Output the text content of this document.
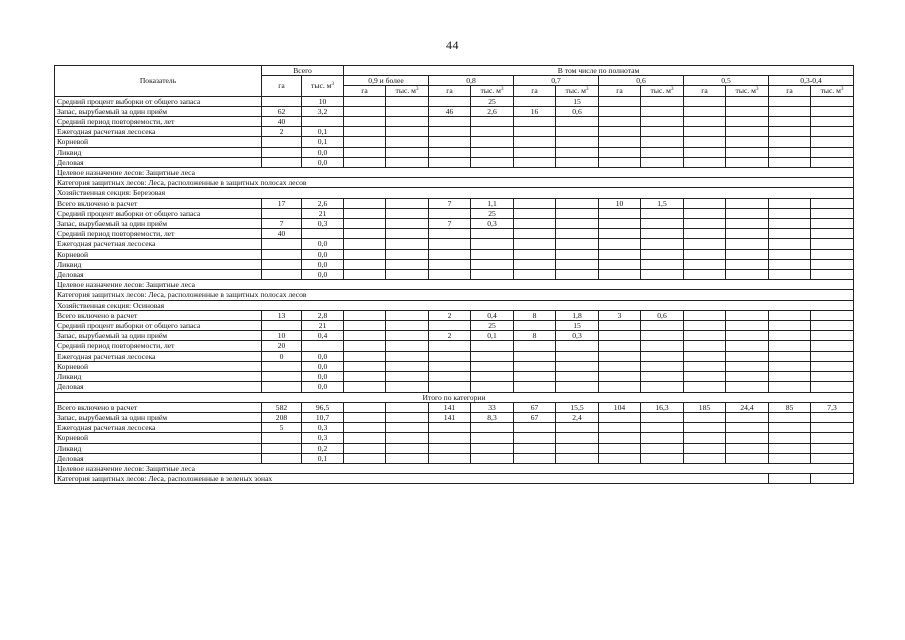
44
Показатель	Всего		В том числе по полнотам											
	га	тыс. $м^3$	0,9 и более		0,8		0,7		0,6		0,5		0,3-0,4	
			га	тыс. $м^3$	га	тыс. $м^3$	га	тыс. $м^3$	га	тыс. $м^3$	га	тыс. $м^3$	га	тыс. $м^3$
Средний процент выборки от общего запаса		10				25		15						
Запас, вырубаемый за один приём	62	3,2			46	2,6	16	0,6						
Средний период повторяемости, лет	40													
Ежегодная расчетная лесосека	2	0,1												
Корневой		0,1												
Ликвид		0,0												
Деловая		0,0												
Целевое назначение лесов: Защитные леса														
Категория защитных лесов: Леса, расположенные в защитных полосах лесов														
Хозяйственная секция: Березовая														
Всего включено в расчет	17	2,6			7	1,1			10	1,5				
Средний процент выборки от общего запаса		21				25								
Запас, вырубаемый за один приём	7	0,3			7	0,3								
Средний период повторяемости, лет	40													
Ежегодная расчетная лесосека		0,0												
Корневой		0,0												
Ликвид		0,0												
Деловая		0,0												
Целевое назначение лесов: Защитные леса														
Категория защитных лесов: Леса, расположенные в защитных полосах лесов														
Хозяйственная секция: Осиновая														
Всего включено в расчет	13	2,8			2	0,4	8	1,8	3	0,6				
Средний процент выборки от общего запаса		21				25		15						
Запас, вырубаемый за один приём	10	0,4			2	0,1	8	0,3						
Средний период повторяемости, лет	20													
Ежегодная расчетная лесосека	0	0,0												
Корневой		0,0												
Ликвид		0,0												
Деловая		0,0												
Итого по категории														
Всего включено в расчет	582	96,5			141	33	67	15,5	104	16,3	185	24,4	85	7,3
Запас, вырубаемый за один приём	208	10,7			141	8,3	67	2,4						
Ежегодная расчетная лесосека	5	0,3												
Корневой		0,3												
Ликвид		0,2												
Деловая		0,1												
Целевое назначение лесов: Защитные леса														
Категория защитных лесов: Леса, расположенные в зеленых зонах														
